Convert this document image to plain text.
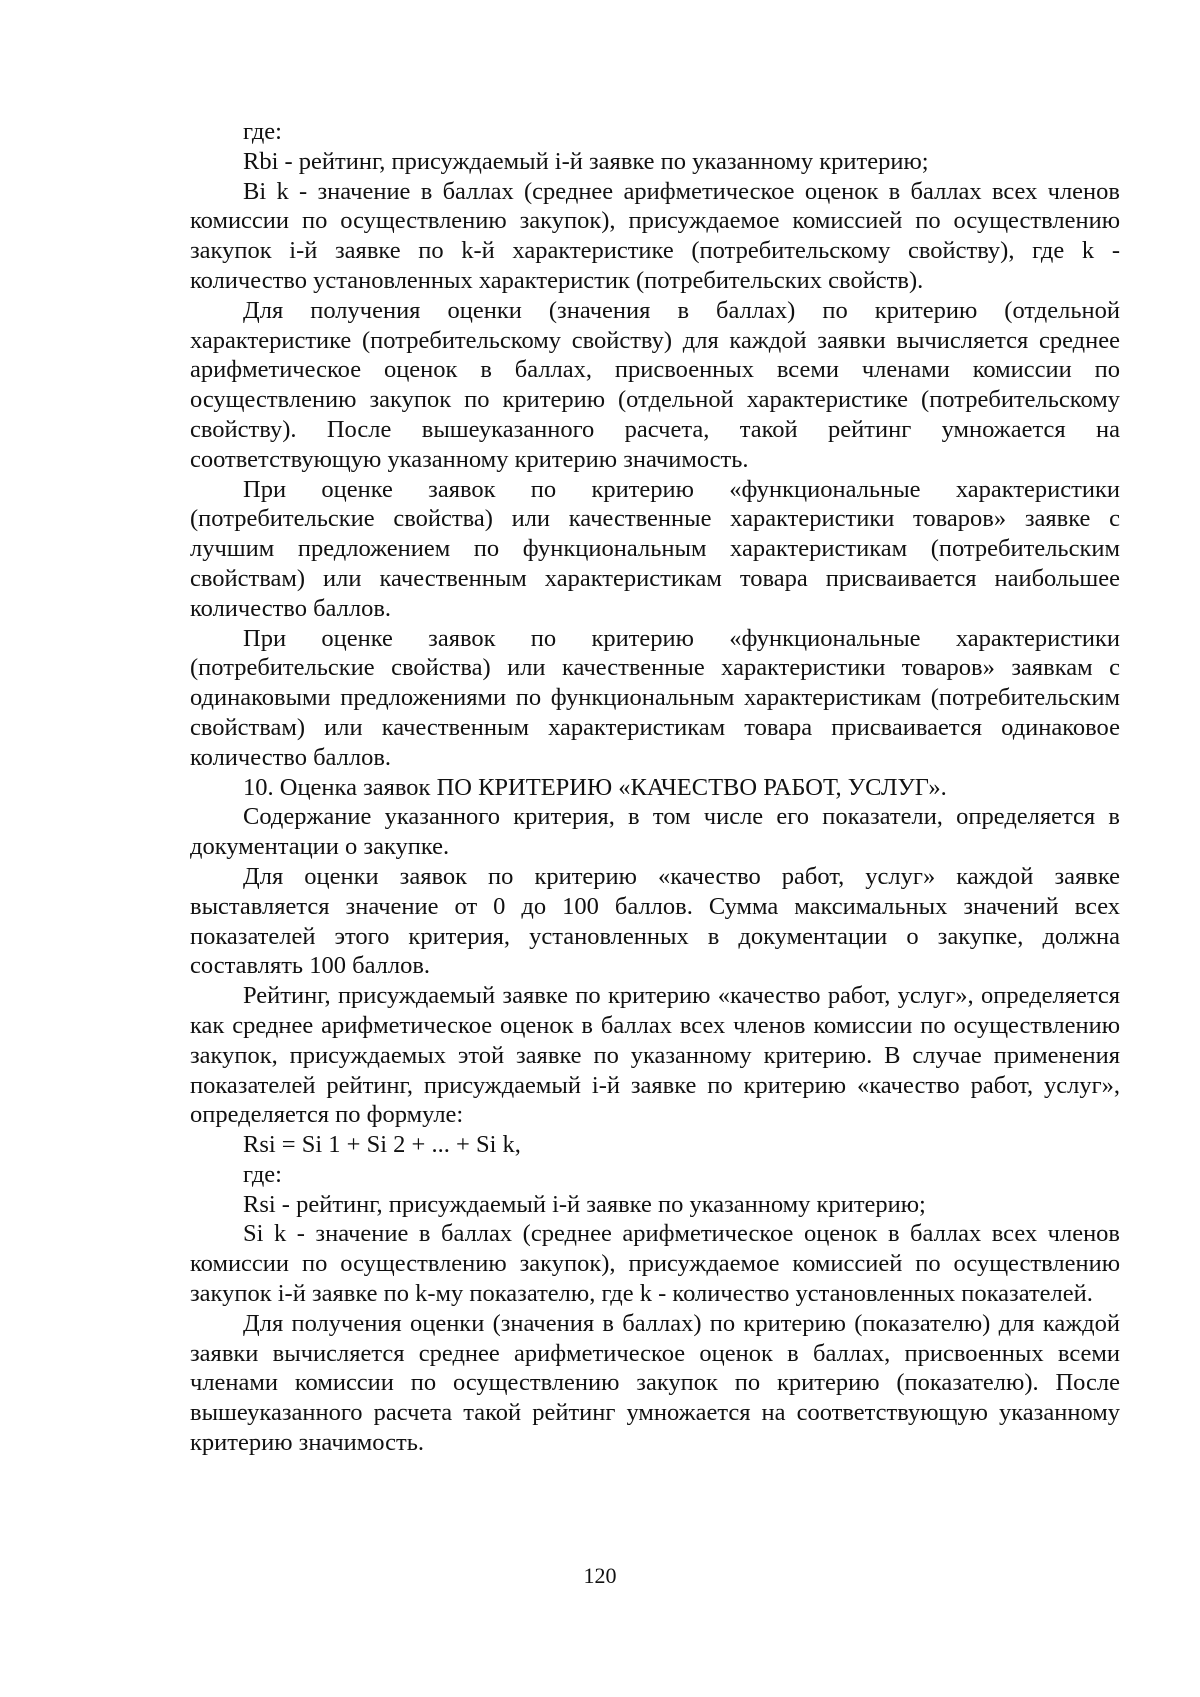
где:

Rbi - рейтинг, присуждаемый i-й заявке по указанному критерию;

Bi k - значение в баллах (среднее арифметическое оценок в баллах всех членов комиссии по осуществлению закупок), присуждаемое комиссией по осуществлению закупок i-й заявке по k-й характеристике (потребительскому свойству), где k - количество установленных характеристик (потребительских свойств).

Для получения оценки (значения в баллах) по критерию (отдельной характеристике (потребительскому свойству) для каждой заявки вычисляется среднее арифметическое оценок в баллах, присвоенных всеми членами комиссии по осуществлению закупок по критерию (отдельной характеристике (потребительскому свойству). После вышеуказанного расчета, такой рейтинг умножается на соответствующую указанному критерию значимость.

При оценке заявок по критерию «функциональные характеристики (потребительские свойства) или качественные характеристики товаров» заявке с лучшим предложением по функциональным характеристикам (потребительским свойствам) или качественным характеристикам товара присваивается наибольшее количество баллов.

При оценке заявок по критерию «функциональные характеристики (потребительские свойства) или качественные характеристики товаров» заявкам с одинаковыми предложениями по функциональным характеристикам (потребительским свойствам) или качественным характеристикам товара присваивается одинаковое количество баллов.

10. Оценка заявок ПО КРИТЕРИЮ «КАЧЕСТВО РАБОТ, УСЛУГ».

Содержание указанного критерия, в том числе его показатели, определяется в документации о закупке.

Для оценки заявок по критерию «качество работ, услуг» каждой заявке выставляется значение от 0 до 100 баллов. Сумма максимальных значений всех показателей этого критерия, установленных в документации о закупке, должна составлять 100 баллов.

Рейтинг, присуждаемый заявке по критерию «качество работ, услуг», определяется как среднее арифметическое оценок в баллах всех членов комиссии по осуществлению закупок, присуждаемых этой заявке по указанному критерию. В случае применения показателей рейтинг, присуждаемый i-й заявке по критерию «качество работ, услуг», определяется по формуле:

Rsi = Si 1 + Si 2 + ... + Si k,

где:

Rsi - рейтинг, присуждаемый i-й заявке по указанному критерию;

Si k - значение в баллах (среднее арифметическое оценок в баллах всех членов комиссии по осуществлению закупок), присуждаемое комиссией по осуществлению закупок i-й заявке по k-му показателю, где k - количество установленных показателей.

Для получения оценки (значения в баллах) по критерию (показателю) для каждой заявки вычисляется среднее арифметическое оценок в баллах, присвоенных всеми членами комиссии по осуществлению закупок по критерию (показателю). После вышеуказанного расчета такой рейтинг умножается на соответствующую указанному критерию значимость.

120
